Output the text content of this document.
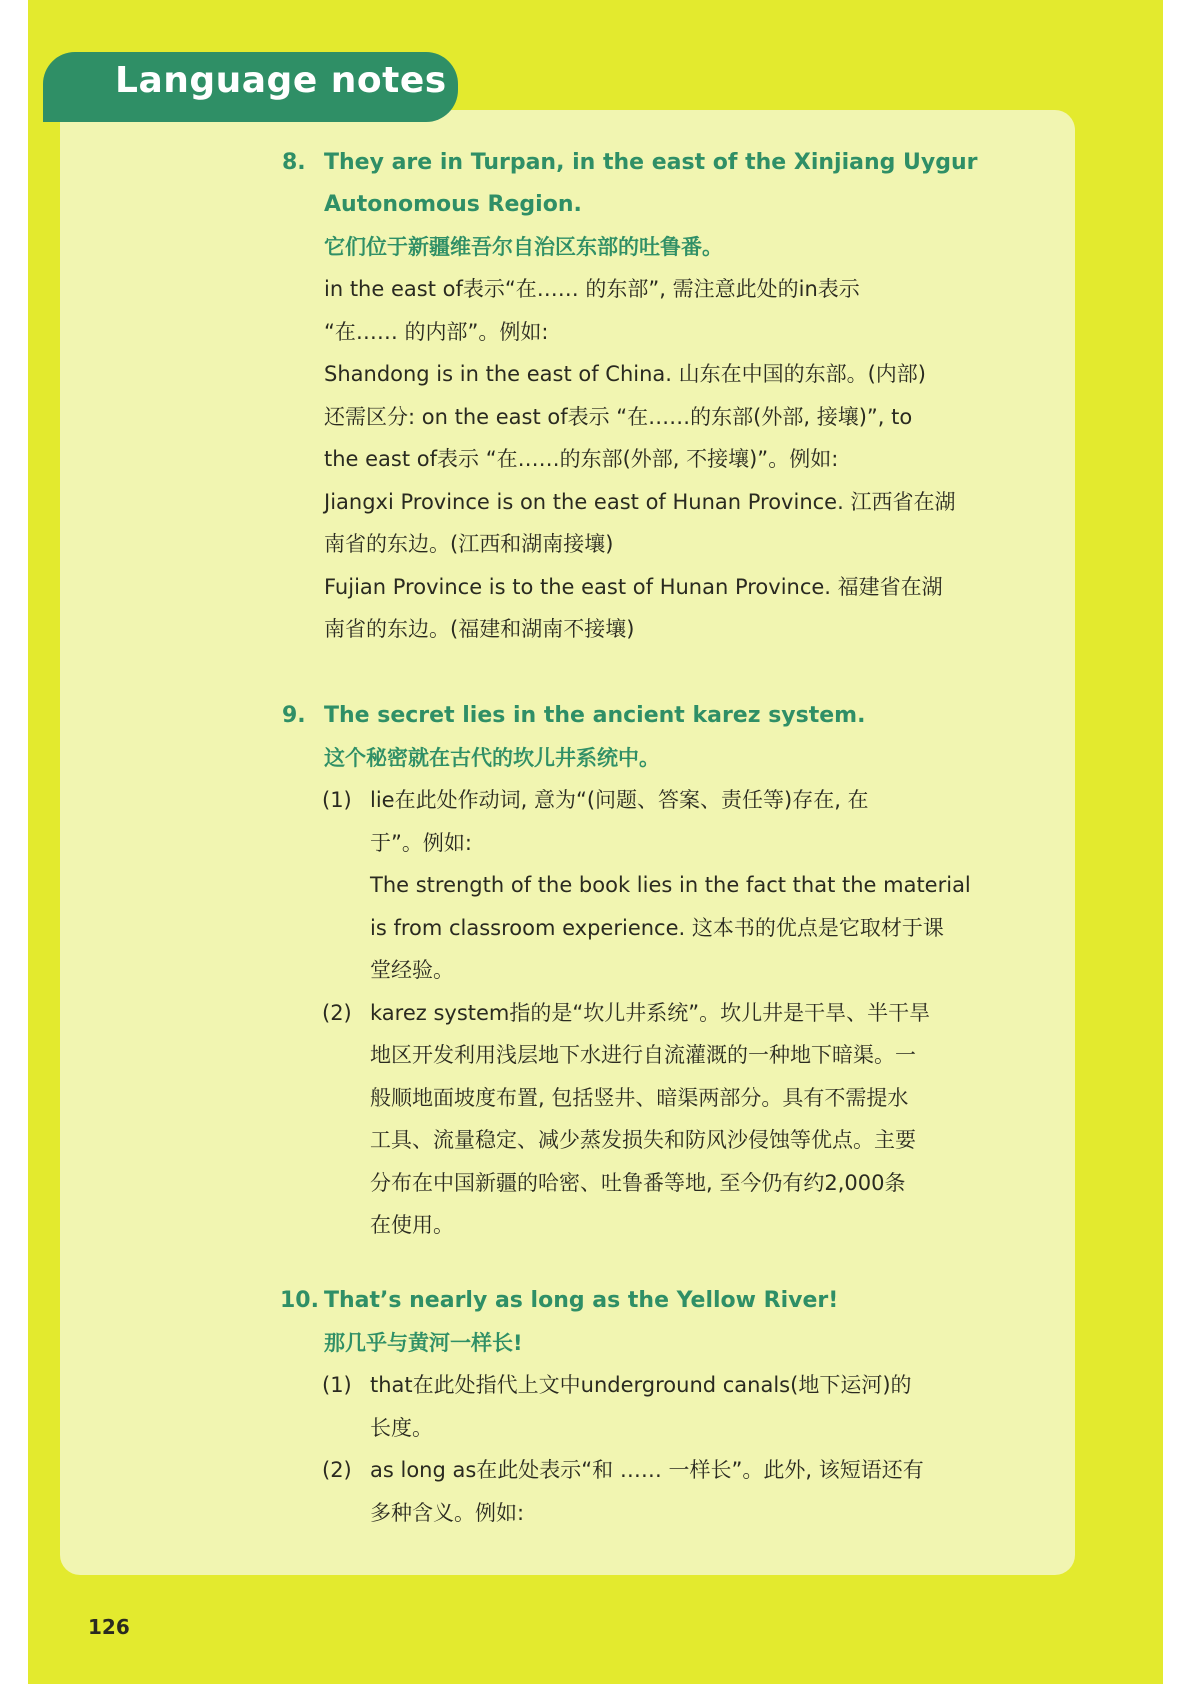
Language notes
8. They are in Turpan, in the east of the Xinjiang Uygur
Autonomous Region.
它们位于新疆维吾尔自治区东部的吐鲁番。
in the east of表示“在…… 的东部”, 需注意此处的in表示
“在…… 的内部”。例如:
Shandong is in the east of China. 山东在中国的东部。(内部)
还需区分: on the east of表示 “在……的东部(外部, 接壤)”, to
the east of表示 “在……的东部(外部, 不接壤)”。例如:
Jiangxi Province is on the east of Hunan Province. 江西省在湖
南省的东边。(江西和湖南接壤)
Fujian Province is to the east of Hunan Province. 福建省在湖
南省的东边。(福建和湖南不接壤)
9. The secret lies in the ancient karez system.
这个秘密就在古代的坎儿井系统中。
(1) lie在此处作动词, 意为“(问题、答案、责任等)存在, 在
于”。例如:
The strength of the book lies in the fact that the material
is from classroom experience. 这本书的优点是它取材于课
堂经验。
(2) karez system指的是“坎儿井系统”。坎儿井是干旱、半干旱
地区开发利用浅层地下水进行自流灌溉的一种地下暗渠。一
般顺地面坡度布置, 包括竖井、暗渠两部分。具有不需提水
工具、流量稳定、减少蒸发损失和防风沙侵蚀等优点。主要
分布在中国新疆的哈密、吐鲁番等地, 至今仍有约2,000条
在使用。
10. That’s nearly as long as the Yellow River!
那几乎与黄河一样长!
(1) that在此处指代上文中underground canals(地下运河)的
长度。
(2) as long as在此处表示“和 …… 一样长”。此外, 该短语还有
多种含义。例如:
126
